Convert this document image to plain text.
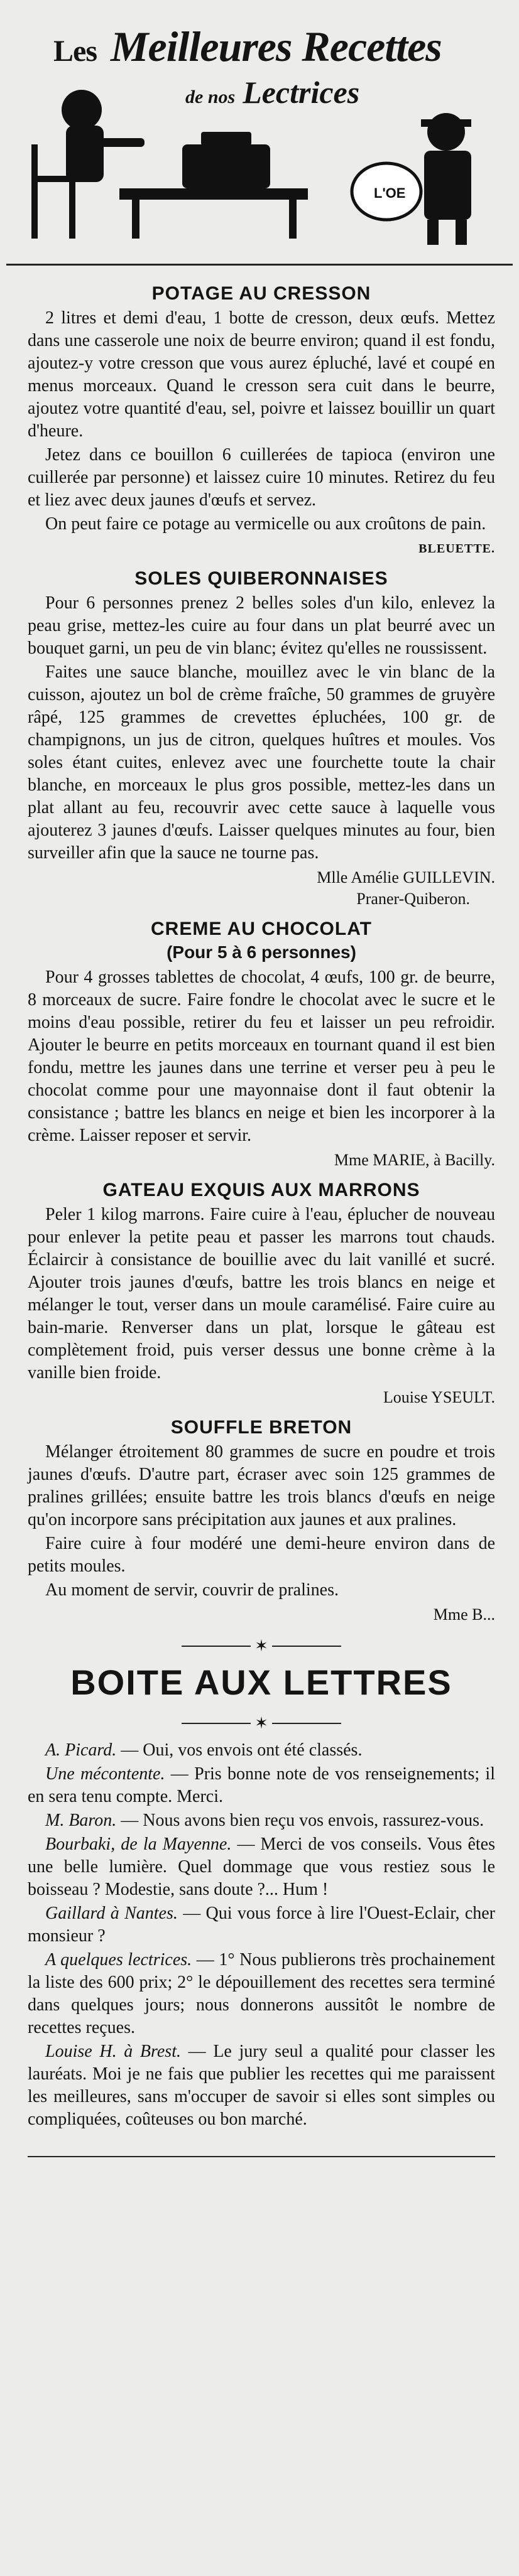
L'OE
Les Meilleures Recettes
de nos Lectrices
POTAGE AU CRESSON

2 litres et demi d'eau, 1 botte de cresson, deux œufs. Mettez dans une casserole une noix de beurre environ; quand il est fondu, ajoutez-y votre cresson que vous aurez épluché, lavé et coupé en menus morceaux. Quand le cresson sera cuit dans le beurre, ajoutez votre quantité d'eau, sel, poivre et laissez bouillir un quart d'heure.

Jetez dans ce bouillon 6 cuillerées de tapioca (environ une cuillerée par personne) et laissez cuire 10 minutes. Retirez du feu et liez avec deux jaunes d'œufs et servez.

On peut faire ce potage au vermicelle ou aux croûtons de pain.

BLEUETTE.
SOLES QUIBERONNAISES

Pour 6 personnes prenez 2 belles soles d'un kilo, enlevez la peau grise, mettez-les cuire au four dans un plat beurré avec un bouquet garni, un peu de vin blanc; évitez qu'elles ne roussissent.

Faites une sauce blanche, mouillez avec le vin blanc de la cuisson, ajoutez un bol de crème fraîche, 50 grammes de gruyère râpé, 125 grammes de crevettes épluchées, 100 gr. de champignons, un jus de citron, quelques huîtres et moules. Vos soles étant cuites, enlevez avec une fourchette toute la chair blanche, en morceaux le plus gros possible, mettez-les dans un plat allant au feu, recouvrir avec cette sauce à laquelle vous ajouterez 3 jaunes d'œufs. Laisser quelques minutes au four, bien surveiller afin que la sauce ne tourne pas.

Mlle Amélie GUILLEVIN.
Praner-Quiberon.
CREME AU CHOCOLAT
(Pour 5 à 6 personnes)

Pour 4 grosses tablettes de chocolat, 4 œufs, 100 gr. de beurre, 8 morceaux de sucre. Faire fondre le chocolat avec le sucre et le moins d'eau possible, retirer du feu et laisser un peu refroidir. Ajouter le beurre en petits morceaux en tournant quand il est bien fondu, mettre les jaunes dans une terrine et verser peu à peu le chocolat comme pour une mayonnaise dont il faut obtenir la consistance ; battre les blancs en neige et bien les incorporer à la crème. Laisser reposer et servir.

Mme MARIE, à Bacilly.
GATEAU EXQUIS AUX MARRONS

Peler 1 kilog marrons. Faire cuire à l'eau, éplucher de nouveau pour enlever la petite peau et passer les marrons tout chauds. Éclaircir à consistance de bouillie avec du lait vanillé et sucré. Ajouter trois jaunes d'œufs, battre les trois blancs en neige et mélanger le tout, verser dans un moule caramélisé. Faire cuire au bain-marie. Renverser dans un plat, lorsque le gâteau est complètement froid, puis verser dessus une bonne crème à la vanille bien froide.

Louise YSEULT.
SOUFFLE BRETON

Mélanger étroitement 80 grammes de sucre en poudre et trois jaunes d'œufs. D'autre part, écraser avec soin 125 grammes de pralines grillées; ensuite battre les trois blancs d'œufs en neige qu'on incorpore sans précipitation aux jaunes et aux pralines.

Faire cuire à four modéré une demi-heure environ dans de petits moules.

Au moment de servir, couvrir de pralines.

Mme B...
✶
BOITE AUX LETTRES
✶

A. Picard. — Oui, vos envois ont été classés.

Une mécontente. — Pris bonne note de vos renseignements; il en sera tenu compte. Merci.

M. Baron. — Nous avons bien reçu vos envois, rassurez-vous.

Bourbaki, de la Mayenne. — Merci de vos conseils. Vous êtes une belle lumière. Quel dommage que vous restiez sous le boisseau ? Modestie, sans doute ?... Hum !

Gaillard à Nantes. — Qui vous force à lire l'Ouest-Eclair, cher monsieur ?

A quelques lectrices. — 1° Nous publierons très prochainement la liste des 600 prix; 2° le dépouillement des recettes sera terminé dans quelques jours; nous donnerons aussitôt le nombre de recettes reçues.

Louise H. à Brest. — Le jury seul a qualité pour classer les lauréats. Moi je ne fais que publier les recettes qui me paraissent les meilleures, sans m'occuper de savoir si elles sont simples ou compliquées, coûteuses ou bon marché.
